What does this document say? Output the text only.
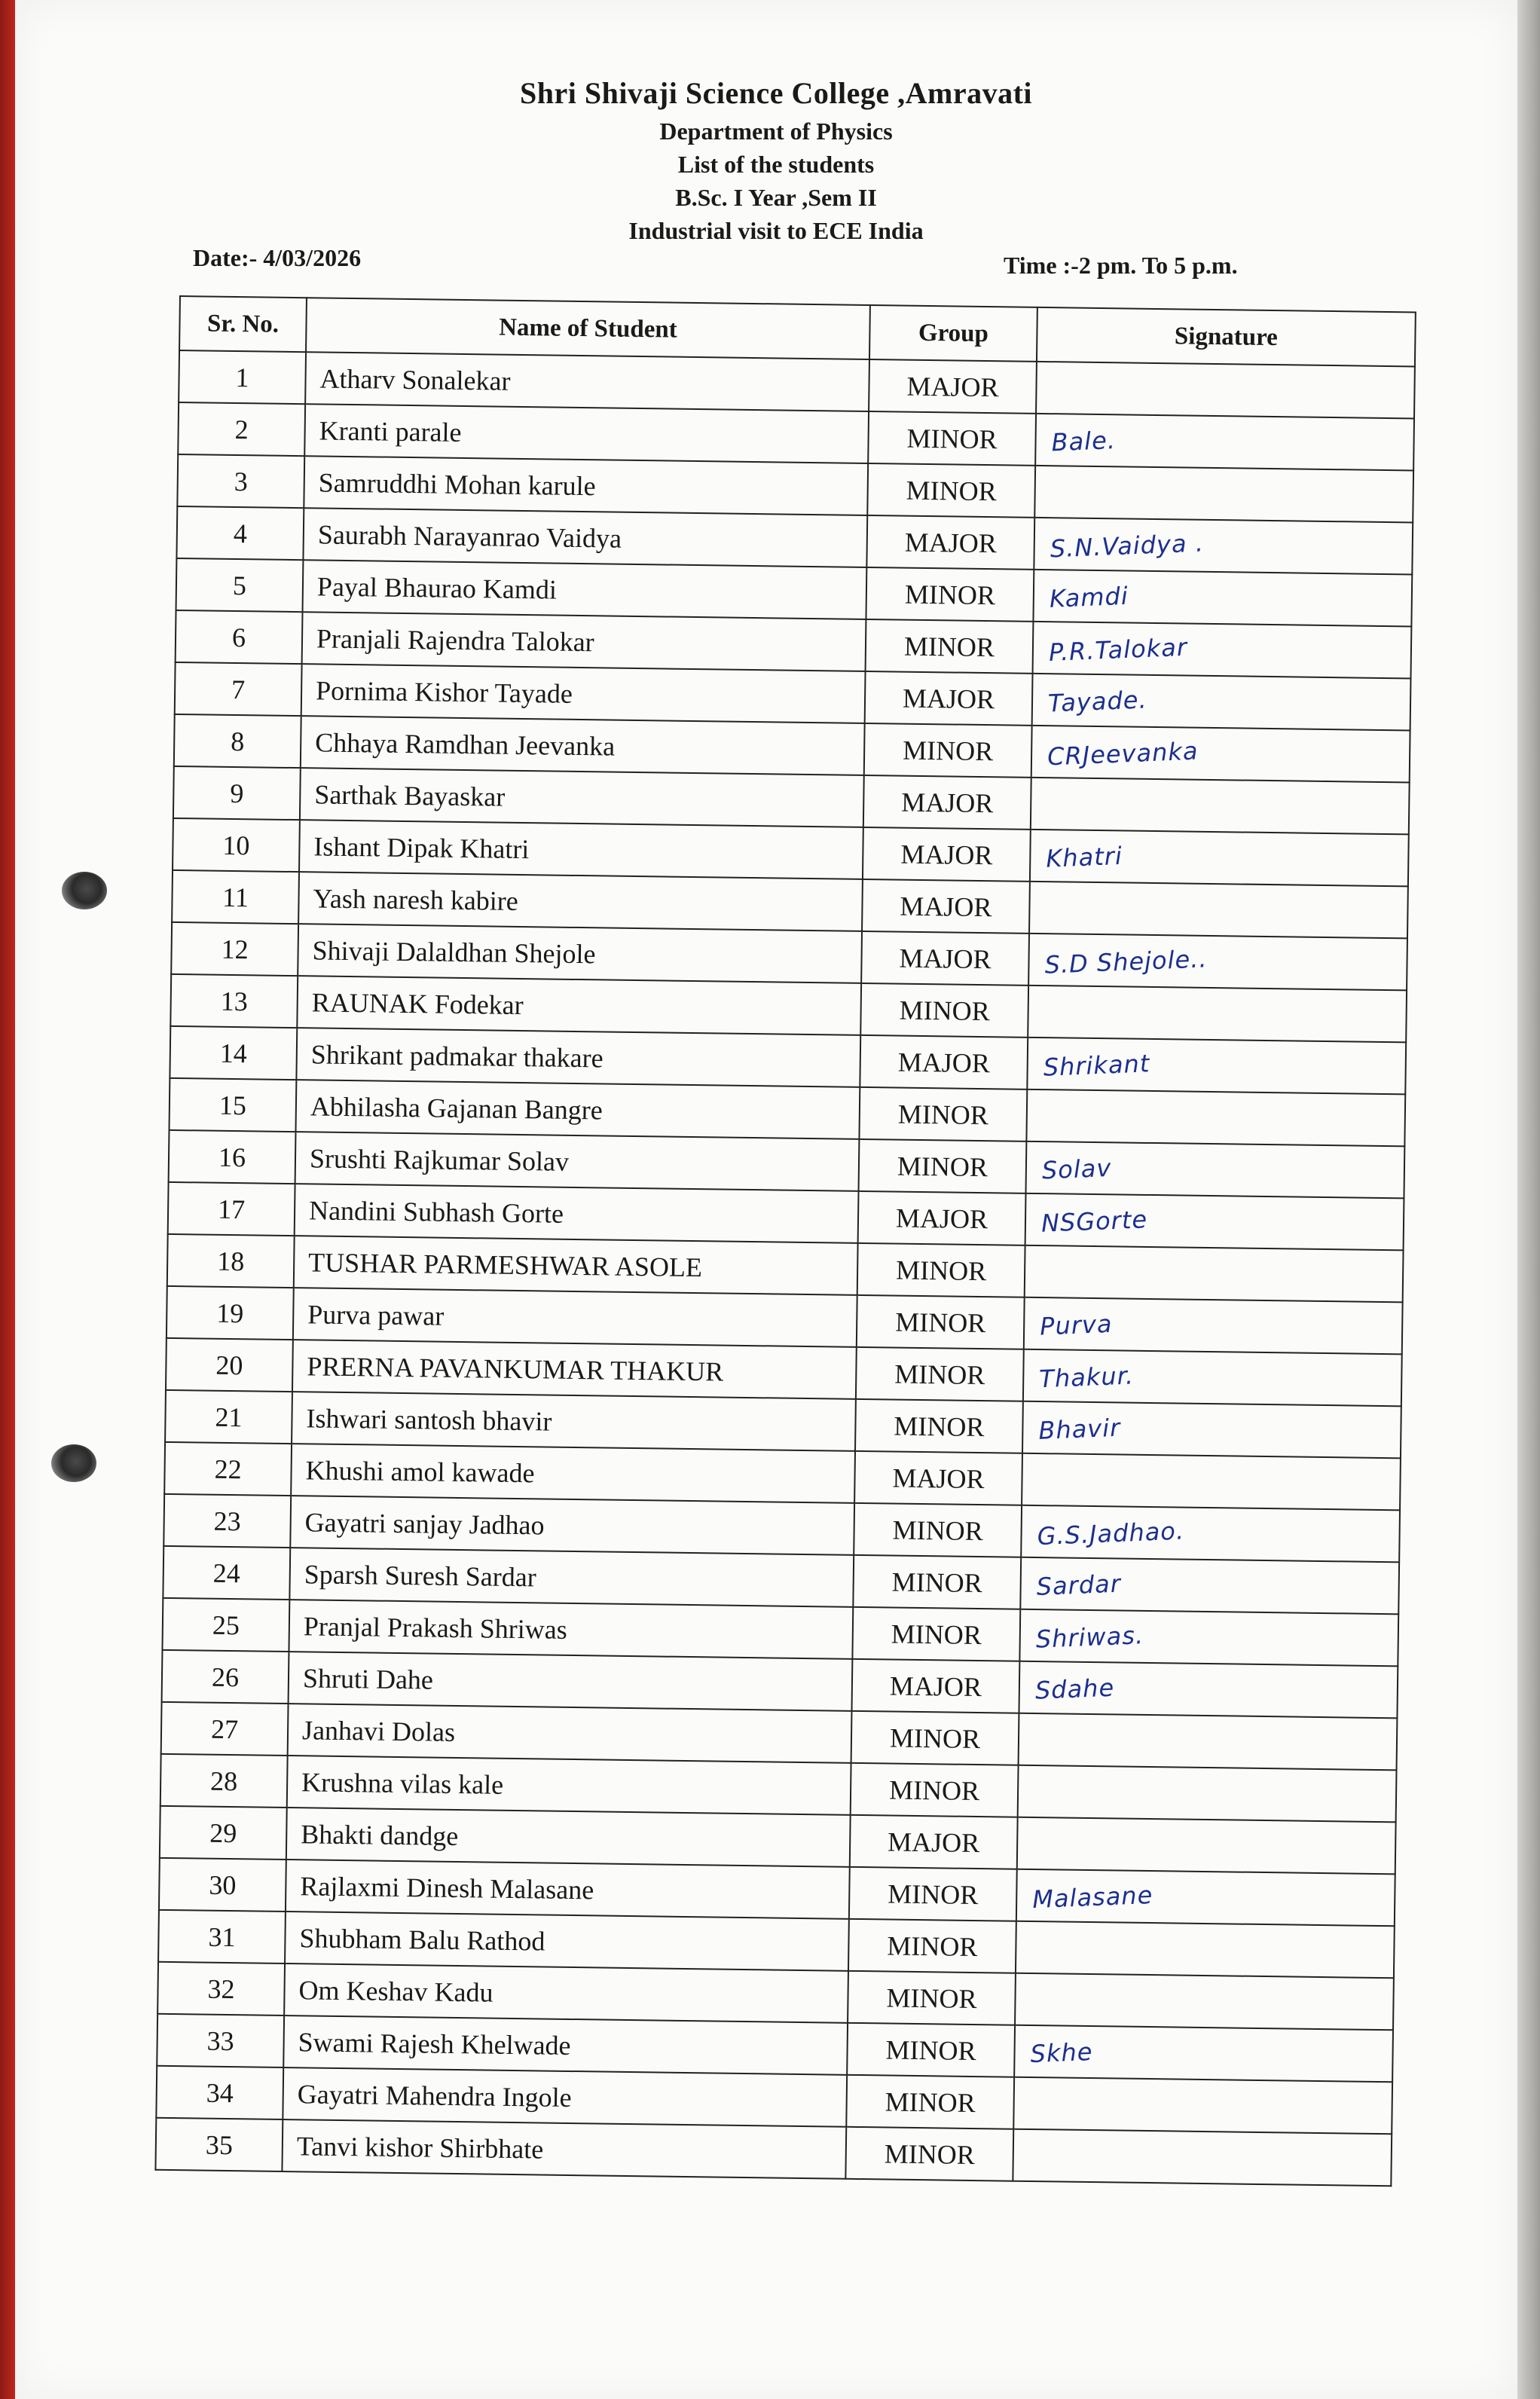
Shri Shivaji Science College ,Amravati
Department of Physics
List of the students
B.Sc. I Year ,Sem II
Industrial visit to ECE India
Date:- 4/03/2026	Time :-2 pm. To 5 p.m.
Sr. No.	Name of Student	Group	Signature
1	Atharv Sonalekar	MAJOR	
2	Kranti parale	MINOR	Bale.
3	Samruddhi Mohan karule	MINOR	
4	Saurabh Narayanrao Vaidya	MAJOR	S.N.Vaidya .
5	Payal Bhaurao Kamdi	MINOR	Kamdi
6	Pranjali Rajendra Talokar	MINOR	P.R.Talokar
7	Pornima Kishor Tayade	MAJOR	Tayade.
8	Chhaya Ramdhan Jeevanka	MINOR	CRJeevanka
9	Sarthak Bayaskar	MAJOR	
10	Ishant Dipak Khatri	MAJOR	Khatri
11	Yash naresh kabire	MAJOR	
12	Shivaji Dalaldhan Shejole	MAJOR	S.D Shejole..
13	RAUNAK Fodekar	MINOR	
14	Shrikant padmakar thakare	MAJOR	Shrikant
15	Abhilasha Gajanan Bangre	MINOR	
16	Srushti Rajkumar Solav	MINOR	Solav
17	Nandini Subhash Gorte	MAJOR	NSGorte
18	TUSHAR PARMESHWAR ASOLE	MINOR	
19	Purva pawar	MINOR	Purva
20	PRERNA PAVANKUMAR THAKUR	MINOR	Thakur.
21	Ishwari santosh bhavir	MINOR	Bhavir
22	Khushi amol kawade	MAJOR	
23	Gayatri sanjay Jadhao	MINOR	G.S.Jadhao.
24	Sparsh Suresh Sardar	MINOR	Sardar
25	Pranjal Prakash Shriwas	MINOR	Shriwas.
26	Shruti Dahe	MAJOR	Sdahe
27	Janhavi Dolas	MINOR	
28	Krushna vilas kale	MINOR	
29	Bhakti dandge	MAJOR	
30	Rajlaxmi Dinesh Malasane	MINOR	Malasane
31	Shubham Balu Rathod	MINOR	
32	Om Keshav Kadu	MINOR	
33	Swami Rajesh Khelwade	MINOR	Skhe
34	Gayatri Mahendra Ingole	MINOR	
35	Tanvi kishor Shirbhate	MINOR	
